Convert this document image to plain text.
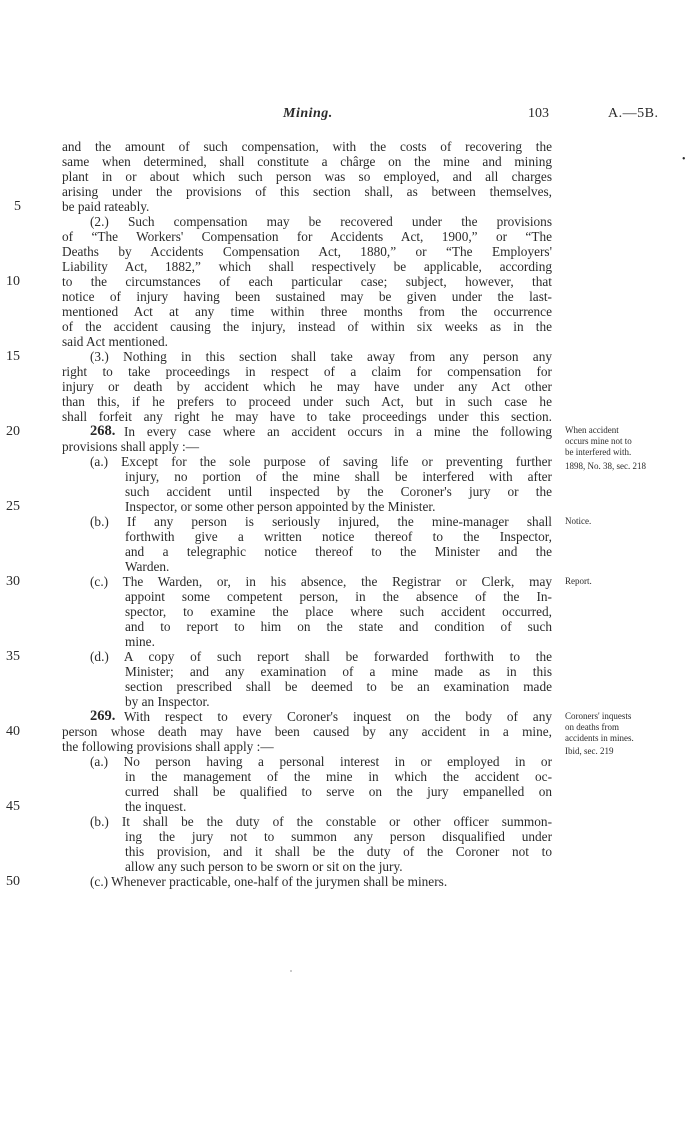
Mining.	103	A.—5B.
•
and the amount of such compensation, with the costs of recovering the
same when determined, shall constitute a chârge on the mine and mining
plant in or about which such person was so employed, and all charges
arising under the provisions of this section shall, as between themselves,
be paid rateably.
(2.) Such compensation may be recovered under the provisions
of “The Workers' Compensation for Accidents Act, 1900,” or “The
Deaths by Accidents Compensation Act, 1880,” or “The Employers'
Liability Act, 1882,” which shall respectively be applicable, according
to the circumstances of each particular case; subject, however, that
notice of injury having been sustained may be given under the last-
mentioned Act at any time within three months from the occurrence
of the accident causing the injury, instead of within six weeks as in the
said Act mentioned.
(3.) Nothing in this section shall take away from any person any
right to take proceedings in respect of a claim for compensation for
injury or death by accident which he may have under any Act other
than this, if he prefers to proceed under such Act, but in such case he
shall forfeit any right he may have to take proceedings under this section.
268. In every case where an accident occurs in a mine the following
provisions shall apply :—
(a.) Except for the sole purpose of saving life or preventing further
injury, no portion of the mine shall be interfered with after
such accident until inspected by the Coroner's jury or the
Inspector, or some other person appointed by the Minister.
(b.) If any person is seriously injured, the mine-manager shall
forthwith give a written notice thereof to the Inspector,
and a telegraphic notice thereof to the Minister and the
Warden.
(c.) The Warden, or, in his absence, the Registrar or Clerk, may
appoint some competent person, in the absence of the In-
spector, to examine the place where such accident occurred,
and to report to him on the state and condition of such
mine.
(d.) A copy of such report shall be forwarded forthwith to the
Minister; and any examination of a mine made as in this
section prescribed shall be deemed to be an examination made
by an Inspector.
269. With respect to every Coroner's inquest on the body of any
person whose death may have been caused by any accident in a mine,
the following provisions shall apply :—
(a.) No person having a personal interest in or employed in or
in the management of the mine in which the accident oc-
curred shall be qualified to serve on the jury empanelled on
the inquest.
(b.) It shall be the duty of the constable or other officer summon-
ing the jury not to summon any person disqualified under
this provision, and it shall be the duty of the Coroner not to
allow any such person to be sworn or sit on the jury.
(c.) Whenever practicable, one-half of the jurymen shall be miners.
5
10
15
20
25
30
35
40
45
50
When accident
occurs mine not to
be interfered with.
1898, No. 38, sec. 218
Notice.
Report.
Coroners' inquests
on deaths from
accidents in mines.
Ibid, sec. 219
